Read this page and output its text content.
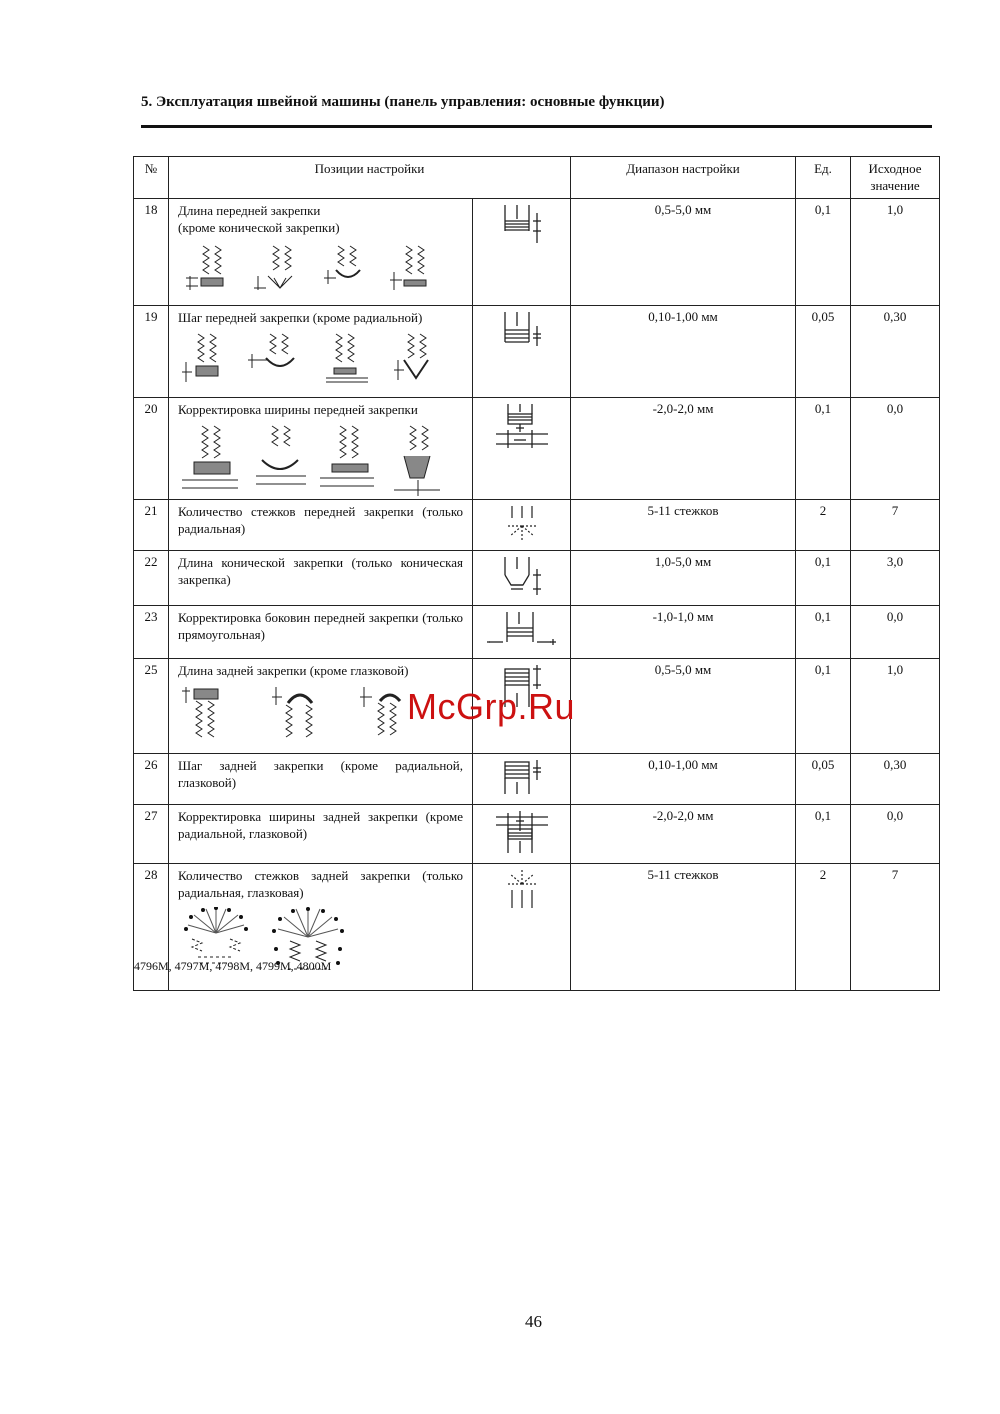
5. Эксплуатация швейной машины (панель управления: основные функции)
№	Позиции настройки		Диапазон настройки	Ед.	Исходное
значение

18	Длина передней закрепки
(кроме конической закрепки)		0,5-5,0 мм	0,1	1,0
19	Шаг передней закрепки (кроме радиальной)		0,10-1,00 мм	0,05	0,30
20	Корректировка ширины передней закрепки		-2,0-2,0 мм	0,1	0,0
21	Количество стежков передней закрепки (только радиальная)		5-11 стежков	2	7
22	Длина конической закрепки (только коническая закрепка)		1,0-5,0 мм	0,1	3,0
23	Корректировка боковин передней закрепки (только прямоугольная)		-1,0-1,0 мм	0,1	0,0
25	Длина задней закрепки (кроме глазковой)		0,5-5,0 мм	0,1	1,0
26	Шаг задней закрепки (кроме радиальной, глазковой)		0,10-1,00 мм	0,05	0,30
27	Корректировка ширины задней закрепки (кроме радиальной, глазковой)		-2,0-2,0 мм	0,1	0,0
28	Количество стежков задней закрепки (только радиальная, глазковая)		5-11 стежков	2	7
4796M, 4797M, 4798M, 4799M, 4800M
McGrp.Ru
46
